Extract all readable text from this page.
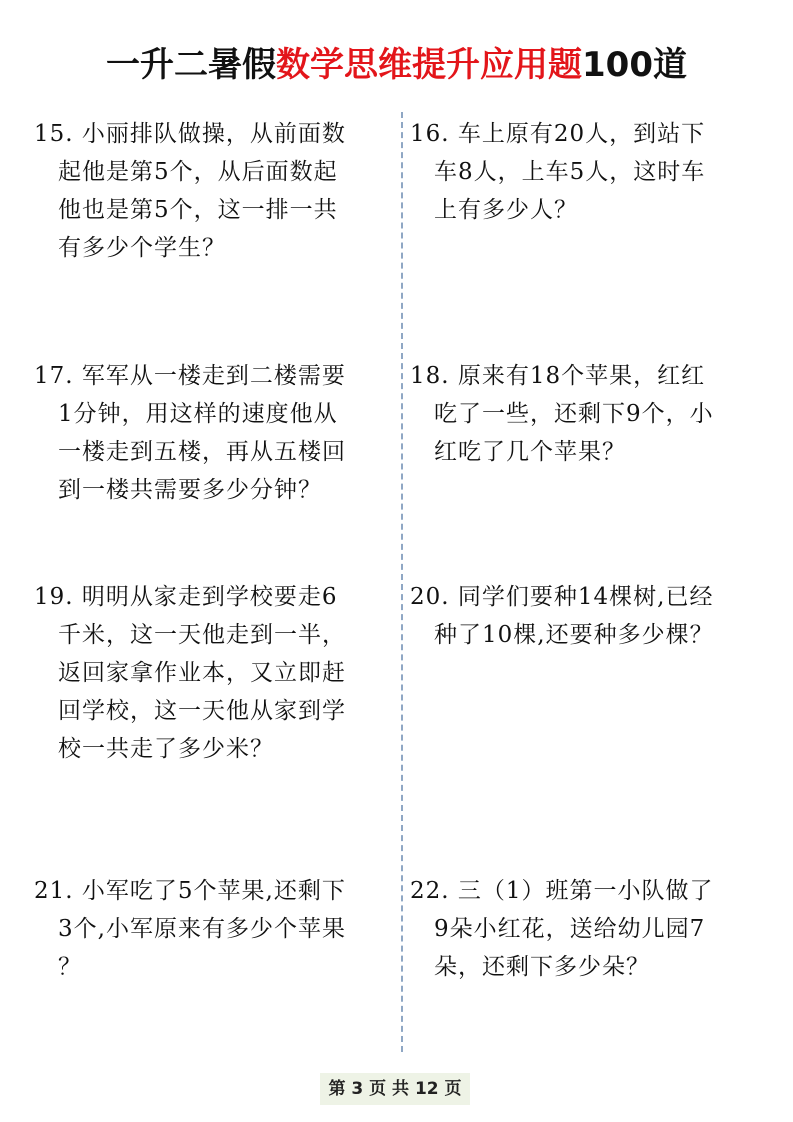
一升二暑假数学思维提升应用题100道
15. 小丽排队做操，从前面数
起他是第5个，从后面数起
他也是第5个，这一排一共
有多少个学生？
16. 车上原有20人，到站下
车8人，上车5人，这时车
上有多少人？
17. 军军从一楼走到二楼需要
1分钟，用这样的速度他从
一楼走到五楼，再从五楼回
到一楼共需要多少分钟？
18. 原来有18个苹果，红红
吃了一些，还剩下9个，小
红吃了几个苹果？
19. 明明从家走到学校要走6
千米，这一天他走到一半，
返回家拿作业本，又立即赶
回学校，这一天他从家到学
校一共走了多少米？
20. 同学们要种14棵树,已经
种了10棵,还要种多少棵？
21. 小军吃了5个苹果,还剩下
3个,小军原来有多少个苹果
？
22. 三（1）班第一小队做了
9朵小红花，送给幼儿园7
朵，还剩下多少朵？
第 3 页 共 12 页
